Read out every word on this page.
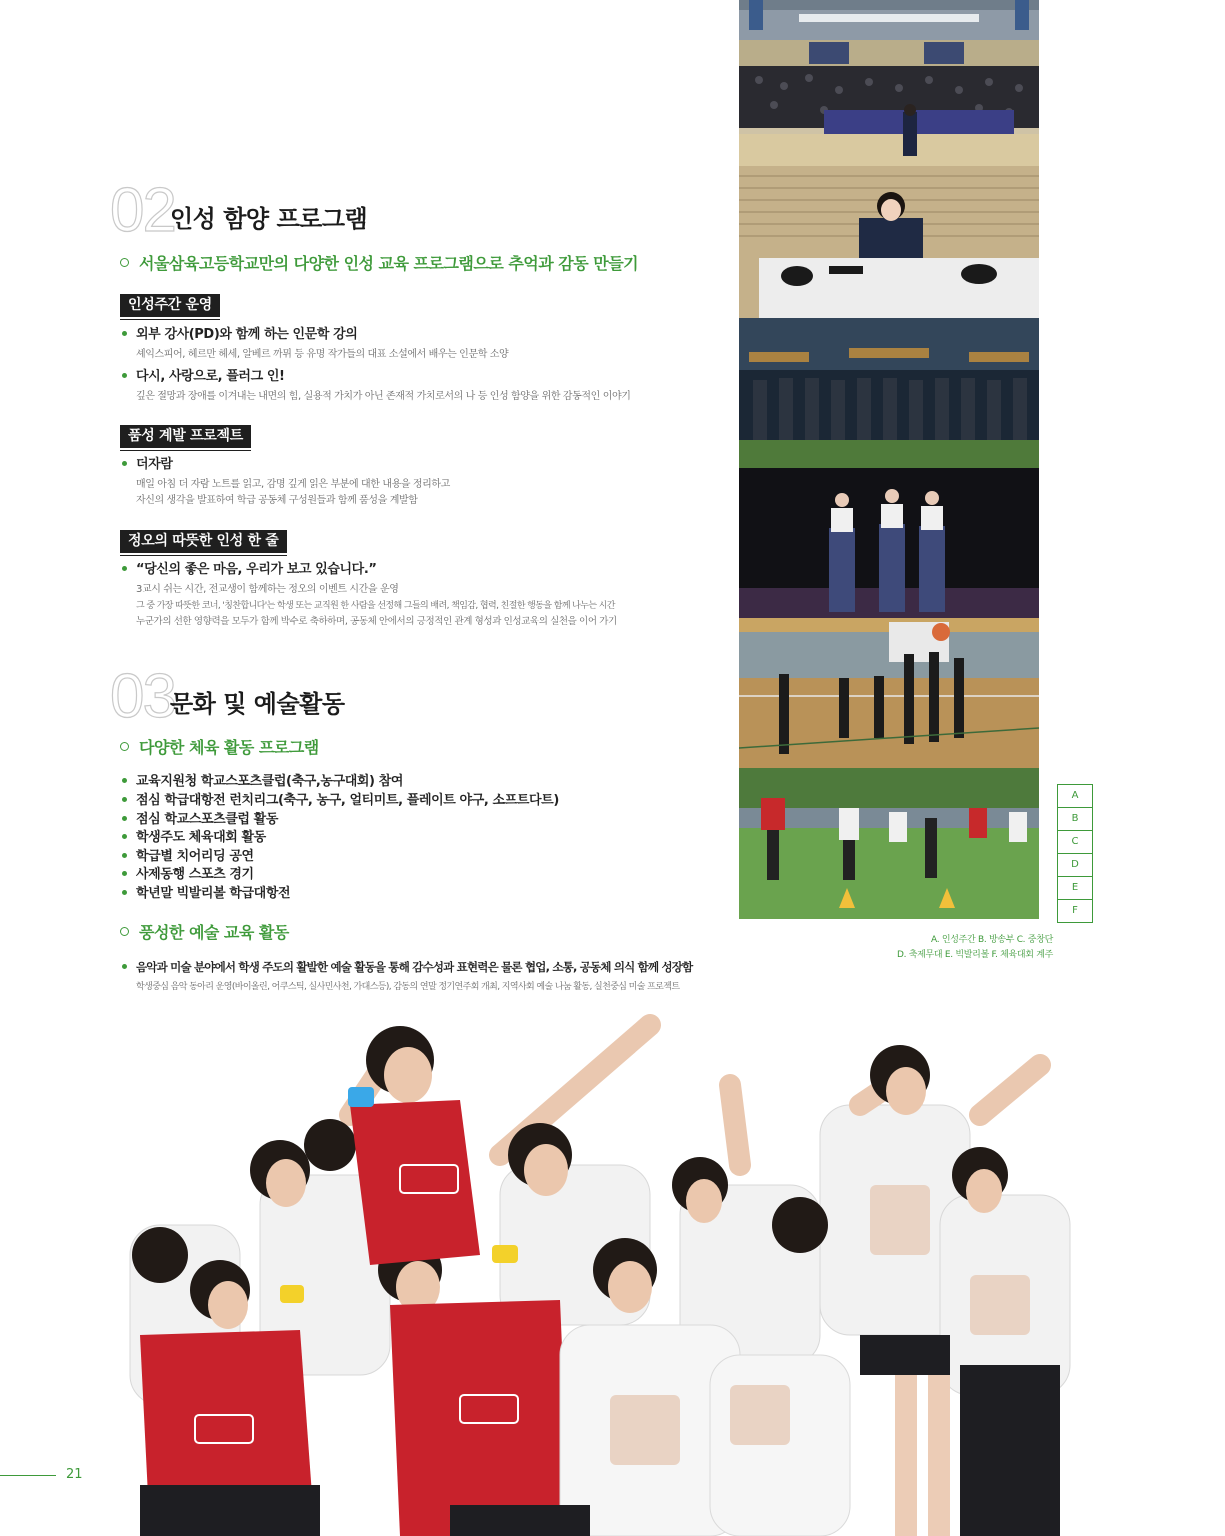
02
인성 함양 프로그램
서울삼육고등학교만의 다양한 인성 교육 프로그램으로 추억과 감동 만들기
인성주간 운영
외부 강사(PD)와 함께 하는 인문학 강의
셰익스피어, 헤르만 헤세, 알베르 까뮈 등 유명 작가들의 대표 소설에서 배우는 인문학 소양
다시, 사랑으로, 플러그 인!
깊은 절망과 장애를 이겨내는 내면의 힘, 실용적 가치가 아닌 존재적 가치로서의 나 등 인성 함양을 위한 감동적인 이야기
품성 계발 프로젝트
더자람
매일 아침 더 자람 노트를 읽고, 감명 깊게 읽은 부분에 대한 내용을 정리하고
자신의 생각을 발표하여 학급 공동체 구성원들과 함께 품성을 계발함
정오의 따뜻한 인성 한 줄
“당신의 좋은 마음, 우리가 보고 있습니다.”
3교시 쉬는 시간, 전교생이 함께하는 정오의 이벤트 시간을 운영
그 중 가장 따뜻한 코너, '칭찬합니다'는 학생 또는 교직원 한 사람을 선정해 그들의 배려, 책임감, 협력, 친절한 행동을 함께 나누는 시간
누군가의 선한 영향력을 모두가 함께 박수로 축하하며, 공동체 안에서의 긍정적인 관계 형성과 인성교육의 실천을 이어 가기
03
문화 및 예술활동
다양한 체육 활동 프로그램
교육지원청 학교스포츠클럽(축구,농구대회) 참여
점심 학급대항전 런치리그(축구, 농구, 얼티미트, 플레이트 야구, 소프트다트)
점심 학교스포츠클럽 활동
학생주도 체육대회 활동
학급별 치어리딩 공연
사제동행 스포츠 경기
학년말 빅발리볼 학급대항전
풍성한 예술 교육 활동
음악과 미술 분야에서 학생 주도의 활발한 예술 활동을 통해 감수성과 표현력은 물론 협업, 소통, 공동체 의식 함께 성장함
학생중심 음악 동아리 운영(바이올린, 어쿠스틱, 실사민사천, 가대스등), 감동의 연말 정기연주회 개최, 지역사회 예술 나눔 활동, 실천중심 미술 프로젝트
A
B
C
D
E
F
A. 인성주간 B. 방송부 C. 중창단
D. 축제무대 E. 빅발리볼 F. 체육대회 계주
21
